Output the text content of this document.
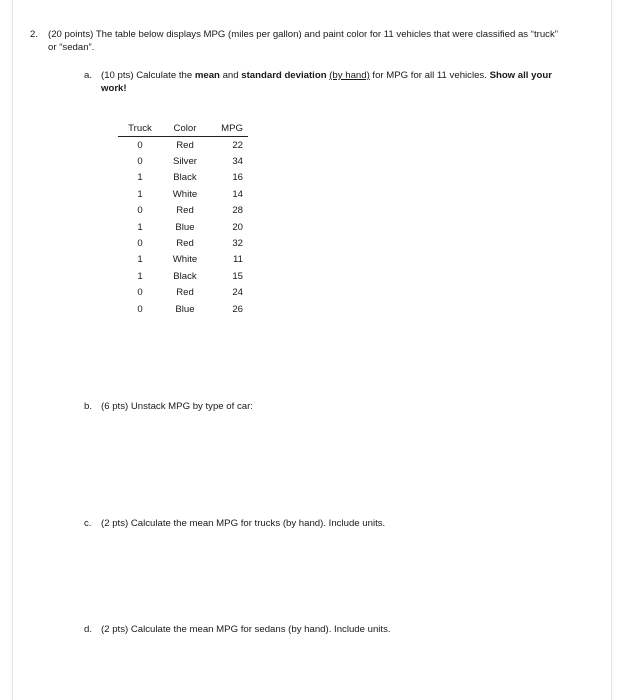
2. (20 points) The table below displays MPG (miles per gallon) and paint color for 11 vehicles that were classified as “truck” or “sedan”.
a. (10 pts) Calculate the mean and standard deviation (by hand) for MPG for all 11 vehicles. Show all your work!
Truck	Color	MPG
0	Red	22
0	Silver	34
1	Black	16
1	White	14
0	Red	28
1	Blue	20
0	Red	32
1	White	11
1	Black	15
0	Red	24
0	Blue	26
b. (6 pts) Unstack MPG by type of car:
c. (2 pts) Calculate the mean MPG for trucks (by hand). Include units.
d. (2 pts) Calculate the mean MPG for sedans (by hand). Include units.
